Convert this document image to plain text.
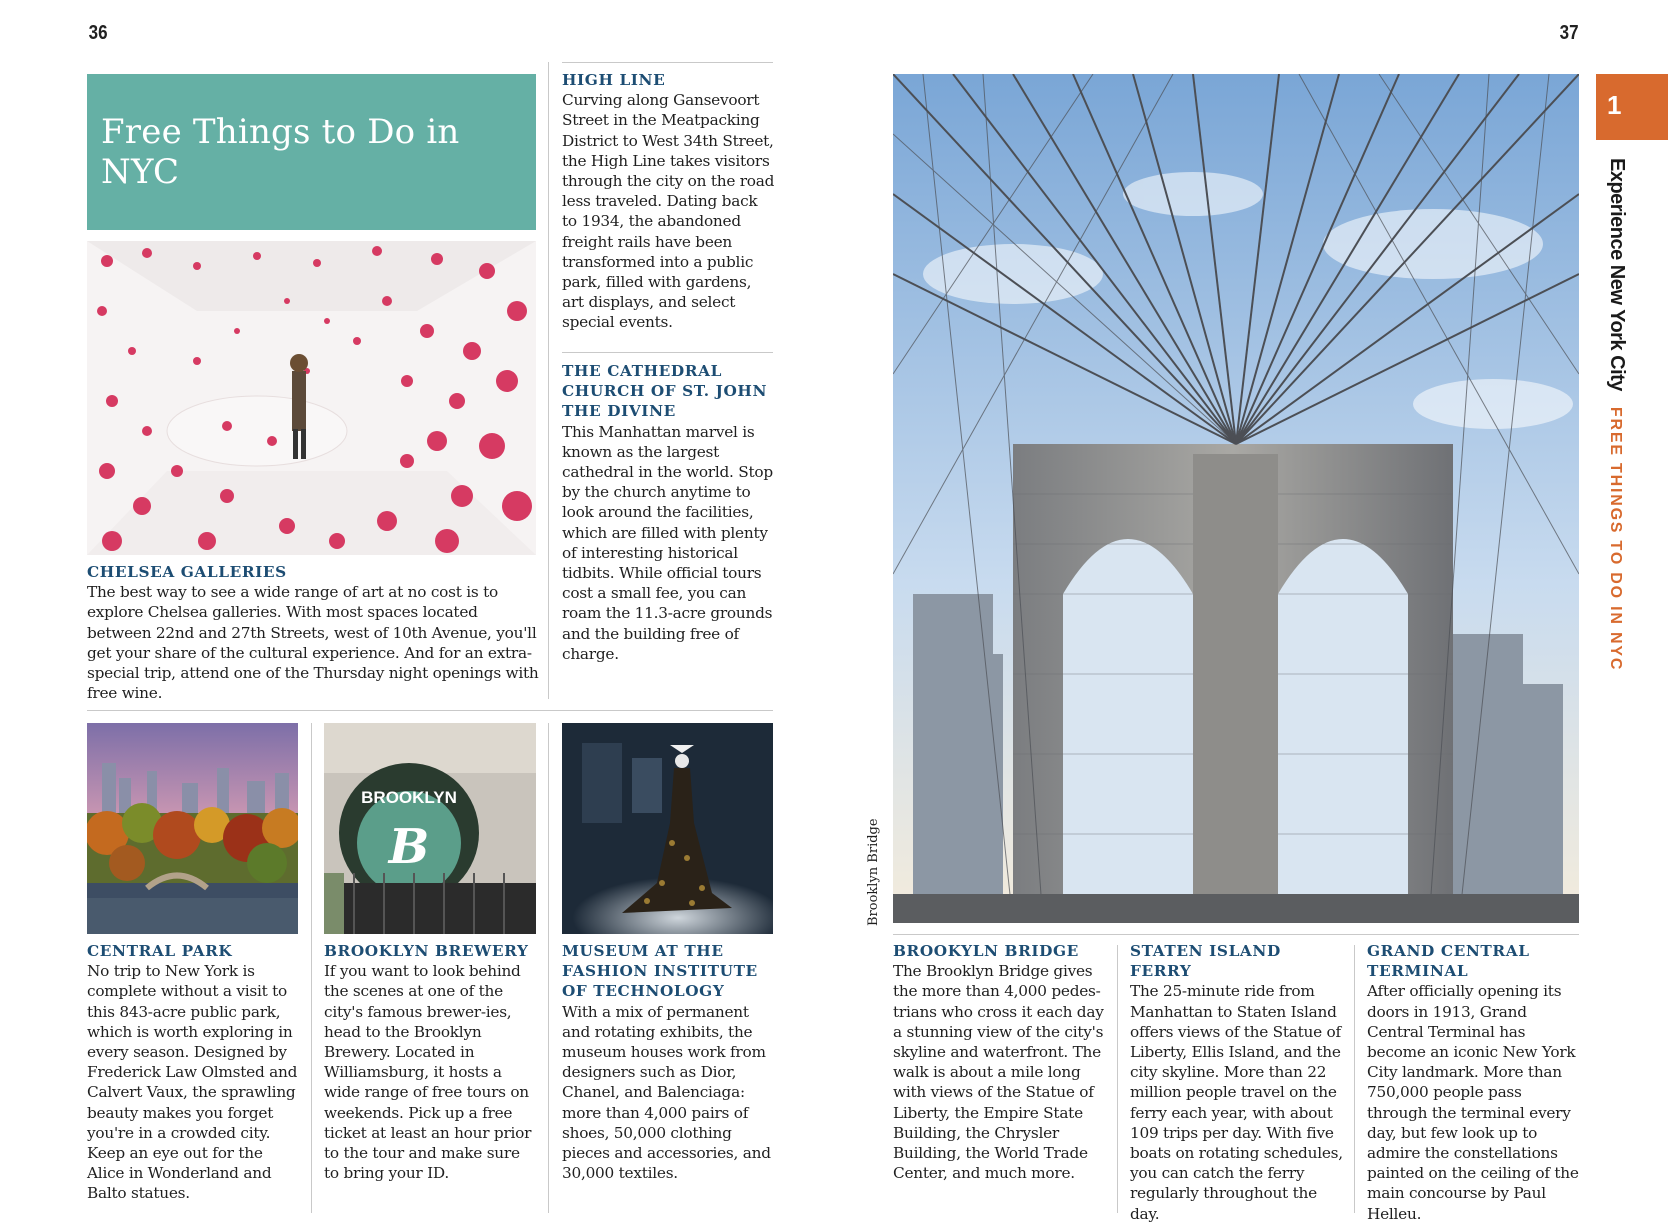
36	37
Free Things to Do in NYC
CHELSEA GALLERIES

The best way to see a wide range of art at no cost is to explore Chelsea galleries. With most spaces located between 22nd and 27th Streets, west of 10th Avenue, you'll get your share of the cultural experience. And for an extra-special trip, attend one of the Thursday night openings with free wine.

HIGH LINE

Curving along Gansevoort Street in the Meatpacking District to West 34th Street, the High Line takes visitors through the city on the road less traveled. Dating back to 1934, the abandoned freight rails have been transformed into a public park, filled with gardens, art displays, and select special events.

THE CATHEDRAL CHURCH OF ST. JOHN THE DIVINE

This Manhattan marvel is known as the largest cathedral in the world. Stop by the church anytime to look around the facilities, which are filled with plenty of interesting historical tidbits. While official tours cost a small fee, you can roam the 11.3-acre grounds and the building free of charge.

BROOKLYN
B
CENTRAL PARK

No trip to New York is complete without a visit to this 843-acre public park, which is worth exploring in every season. Designed by Frederick Law Olmsted and Calvert Vaux, the sprawling beauty makes you forget you're in a crowded city. Keep an eye out for the Alice in Wonderland and Balto statues.

BROOKLYN BREWERY

If you want to look behind the scenes at one of the city's famous brewer-ies, head to the Brooklyn Brewery. Located in Williamsburg, it hosts a wide range of free tours on weekends. Pick up a free ticket at least an hour prior to the tour and make sure to bring your ID.

MUSEUM AT THE FASHION INSTITUTE OF TECHNOLOGY

With a mix of permanent and rotating exhibits, the museum houses work from designers such as Dior, Chanel, and Balenciaga: more than 4,000 pairs of shoes, 50,000 clothing pieces and accessories, and 30,000 textiles.

Brooklyn Bridge
BROOKYLN BRIDGE

The Brooklyn Bridge gives the more than 4,000 pedes-trians who cross it each day a stunning view of the city's skyline and waterfront. The walk is about a mile long with views of the Statue of Liberty, the Empire State Building, the Chrysler Building, the World Trade Center, and much more.

STATEN ISLAND FERRY

The 25-minute ride from Manhattan to Staten Island offers views of the Statue of Liberty, Ellis Island, and the city skyline. More than 22 million people travel on the ferry each year, with about 109 trips per day. With five boats on rotating schedules, you can catch the ferry regularly throughout the day.

GRAND CENTRAL TERMINAL

After officially opening its doors in 1913, Grand Central Terminal has become an iconic New York City landmark. More than 750,000 people pass through the terminal every day, but few look up to admire the constellations painted on the ceiling of the main concourse by Paul Helleu.

1
Experience New York CityFREE THINGS TO DO IN NYC
